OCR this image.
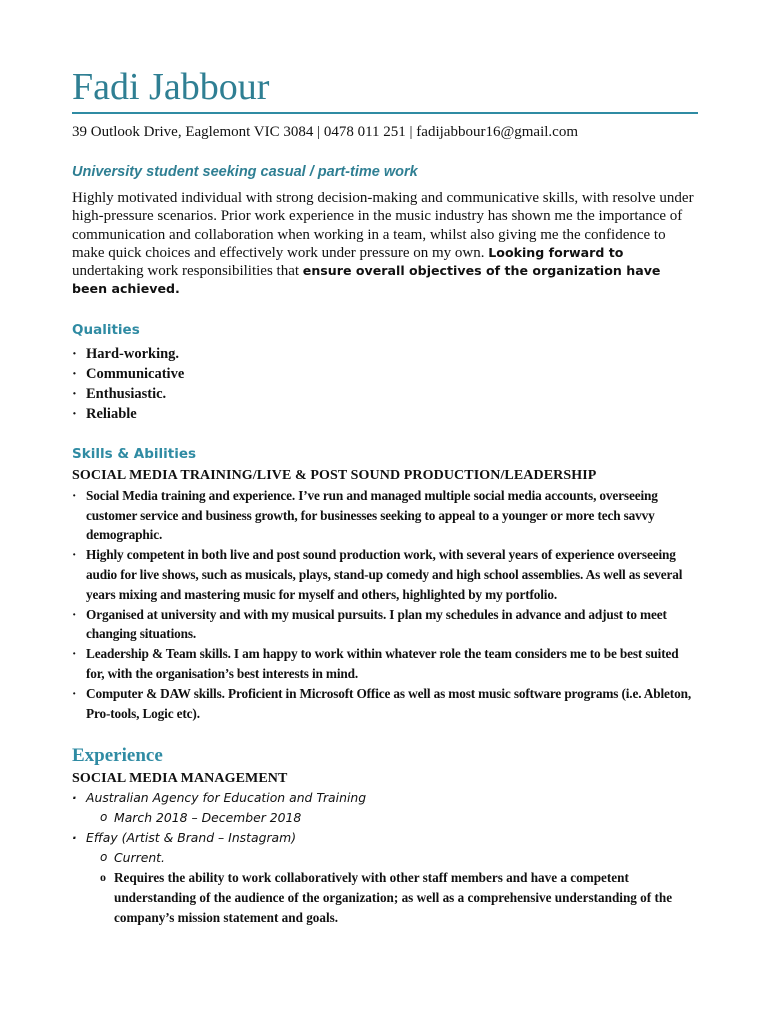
Fadi Jabbour
39 Outlook Drive, Eaglemont VIC 3084 | 0478 011 251 | fadijabbour16@gmail.com
University student seeking casual / part-time work
Highly motivated individual with strong decision-making and communicative skills, with resolve under high-pressure scenarios. Prior work experience in the music industry has shown me the importance of communication and collaboration when working in a team, whilst also giving me the confidence to make quick choices and effectively work under pressure on my own. Looking forward to undertaking work responsibilities that ensure overall objectives of the organization have been achieved.
Qualities
· Hard-working.
· Communicative
· Enthusiastic.
· Reliable
Skills & Abilities
SOCIAL MEDIA TRAINING/LIVE & POST SOUND PRODUCTION/LEADERSHIP
· Social Media training and experience. I’ve run and managed multiple social media accounts, overseeing customer service and business growth, for businesses seeking to appeal to a younger or more tech savvy demographic.
· Highly competent in both live and post sound production work, with several years of experience overseeing audio for live shows, such as musicals, plays, stand-up comedy and high school assemblies. As well as several years mixing and mastering music for myself and others, highlighted by my portfolio.
· Organised at university and with my musical pursuits. I plan my schedules in advance and adjust to meet changing situations.
· Leadership & Team skills. I am happy to work within whatever role the team considers me to be best suited for, with the organisation’s best interests in mind.
· Computer & DAW skills. Proficient in Microsoft Office as well as most music software programs (i.e. Ableton, Pro-tools, Logic etc).
Experience
SOCIAL MEDIA MANAGEMENT
· Australian Agency for Education and Training
o March 2018 – December 2018
· Effay (Artist & Brand – Instagram)
o Current.
o Requires the ability to work collaboratively with other staff members and have a competent understanding of the audience of the organization; as well as a comprehensive understanding of the company’s mission statement and goals.
